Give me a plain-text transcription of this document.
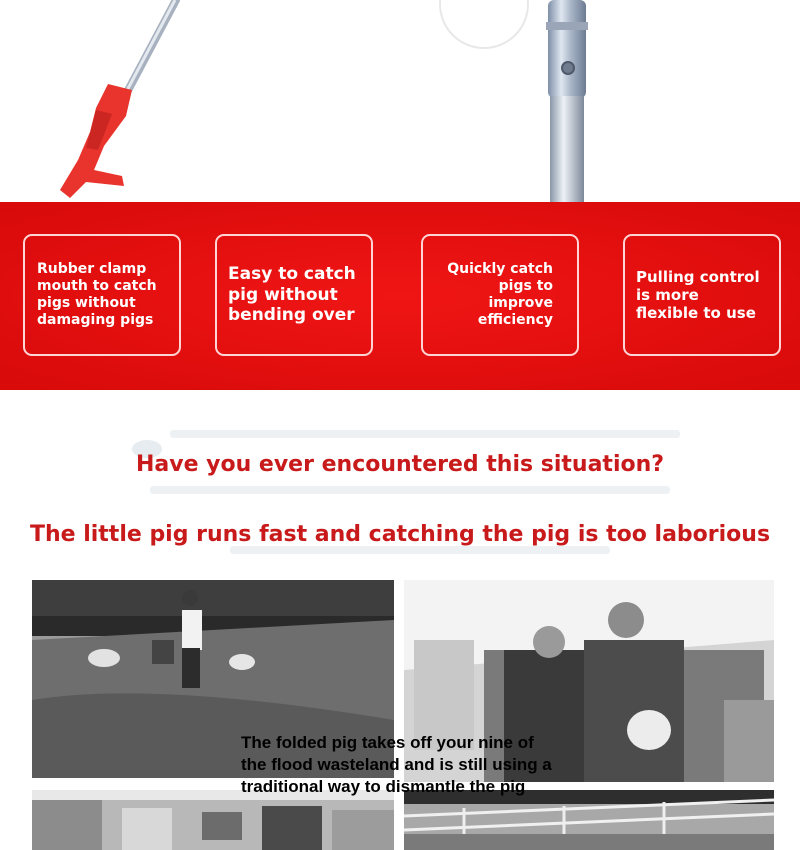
Rubber clamp
mouth to catch
pigs without
damaging pigs
Easy to catch
pig without
bending over
Quickly catch
pigs to
improve
efficiency
Pulling control
is more
flexible to use
Have you ever encountered this situation?
The little pig runs fast and catching the pig is too laborious
The folded pig takes off your nine of
the flood wasteland and is still using a
traditional way to dismantle the pig
